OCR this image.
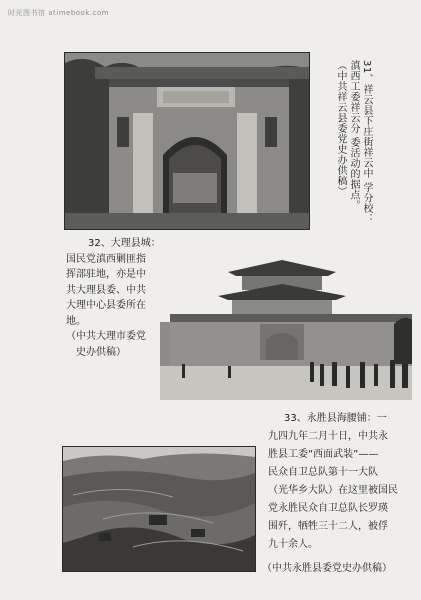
时光图书馆 atimebook.com
31、祥云县下庄街祥云中 学分校：滇西工委祥云分 委活动的据点。 （中共祥云县委党史办供稿）

32、大理县城：

国民党滇西剿匪指

挥部驻地，亦是中

共大理县委、中共

大理中心县委所在

地。

（中共大理市委党

史办供稿）

33、永胜县海腰铺：一

九四九年二月十日，中共永

胜县工委“西面武装”——

民众自卫总队第十一大队

（光华乡大队）在这里被国民

党永胜民众自卫总队长罗瑛

围歼，牺牲三十二人，被俘

九十余人。

（中共永胜县委党史办供稿）
